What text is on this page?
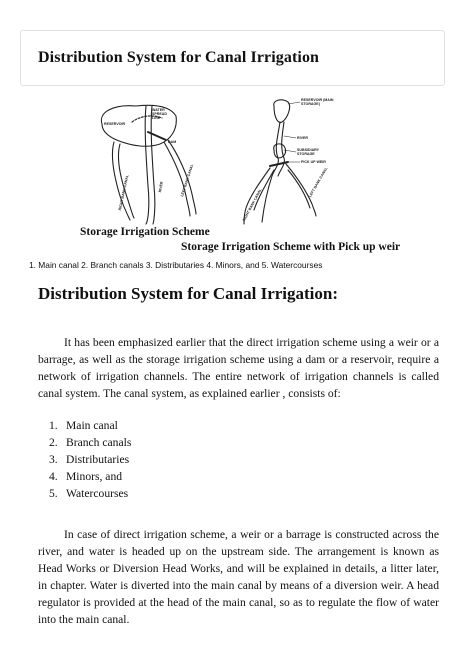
Distribution System for Canal Irrigation
RESERVOIR
WATER SPREAD LINE
DAM
RIVER	LEFT BANK CANAL
RIGHT BANK CANAL
RESERVOIR (MAIN STORAGE)
RIVER
SUBSIDIARY STORAGE
PICK UP WEIR
LEFT BANK CANAL
RIGHT BANK CANAL
Storage Irrigation Scheme
Storage Irrigation Scheme with Pick up weir
1. Main canal 2. Branch canals 3. Distributaries 4. Minors, and 5. Watercourses
Distribution System for Canal Irrigation:

It has been emphasized earlier that the direct irrigation scheme using a weir or a barrage, as well as the storage irrigation scheme using a dam or a reservoir, require a network of irrigation channels. The entire network of irrigation channels is called canal system. The canal system, as explained earlier , consists of:

1. Main canal
2. Branch canals
3. Distributaries
4. Minors, and
5. Watercourses

In case of direct irrigation scheme, a weir or a barrage is constructed across the river, and water is headed up on the upstream side. The arrangement is known as Head Works or Diversion Head Works, and will be explained in details, a litter later, in chapter. Water is diverted into the main canal by means of a diversion weir. A head regulator is provided at the head of the main canal, so as to regulate the flow of water into the main canal.
